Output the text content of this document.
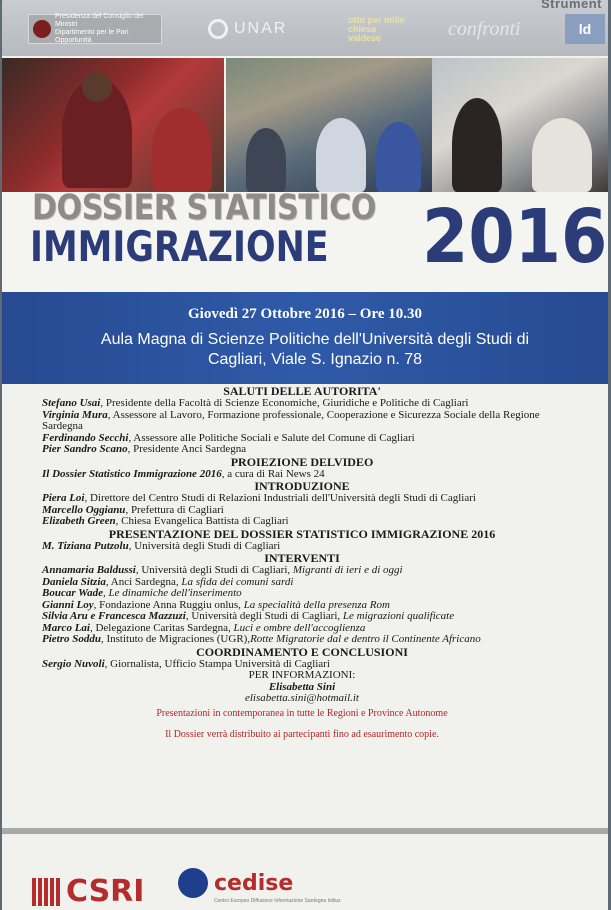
Strument
Presidenza del Consiglio dei Ministri
Dipartimento per le Pari Opportunità
UNAR
otto per mille chiesa valdese	confronti	ld
DOSSIER STATISTICO
IMMIGRAZIONE 2016
Giovedì 27 Ottobre 2016 – Ore 10.30
Aula Magna di Scienze Politiche dell'Università degli Studi di
Cagliari, Viale S. Ignazio n. 78
SALUTI DELLE AUTORITA'
Stefano Usai, Presidente della Facoltà di Scienze Economiche, Giuridiche e Politiche di Cagliari
Virginia Mura, Assessore al Lavoro, Formazione professionale, Cooperazione e Sicurezza Sociale della Regione Sardegna
Ferdinando Secchi, Assessore alle Politiche Sociali e Salute del Comune di Cagliari
Pier Sandro Scano, Presidente Anci Sardegna
PROIEZIONE DELVIDEO
Il Dossier Statistico Immigrazione 2016, a cura di Rai News 24
INTRODUZIONE
Piera Loi, Direttore del Centro Studi di Relazioni Industriali dell'Università degli Studi di Cagliari
Marcello Oggianu, Prefettura di Cagliari
Elizabeth Green, Chiesa Evangelica Battista di Cagliari
PRESENTAZIONE DEL DOSSIER STATISTICO IMMIGRAZIONE 2016
M. Tiziana Putzolu, Università degli Studi di Cagliari
INTERVENTI
Annamaria Baldussi, Università degli Studi di Cagliari, Migranti di ieri e di oggi
Daniela Sitzia, Anci Sardegna, La sfida dei comuni sardi
Boucar Wade, Le dinamiche dell'inserimento
Gianni Loy, Fondazione Anna Ruggiu onlus, La specialità della presenza Rom
Silvia Aru e Francesca Mazzuzi, Università degli Studi di Cagliari, Le migrazioni qualificate
Marco Lai, Delegazione Caritas Sardegna, Luci e ombre dell'accoglienza
Pietro Soddu, Instituto de Migraciones (UGR),Rotte Migratorie dal e dentro il Continente Africano
COORDINAMENTO E CONCLUSIONI
Sergio Nuvoli, Giornalista, Ufficio Stampa Università di Cagliari
PER INFORMAZIONI:
Elisabetta Sini
elisabetta.sini@hotmail.it
Presentazioni in contemporanea in tutte le Regioni e Province Autonome
Il Dossier verrà distribuito ai partecipanti fino ad esaurimento copie.
CSRI	cedise
Centro Europeo Diffusione Informazione Sardegna Istituz
